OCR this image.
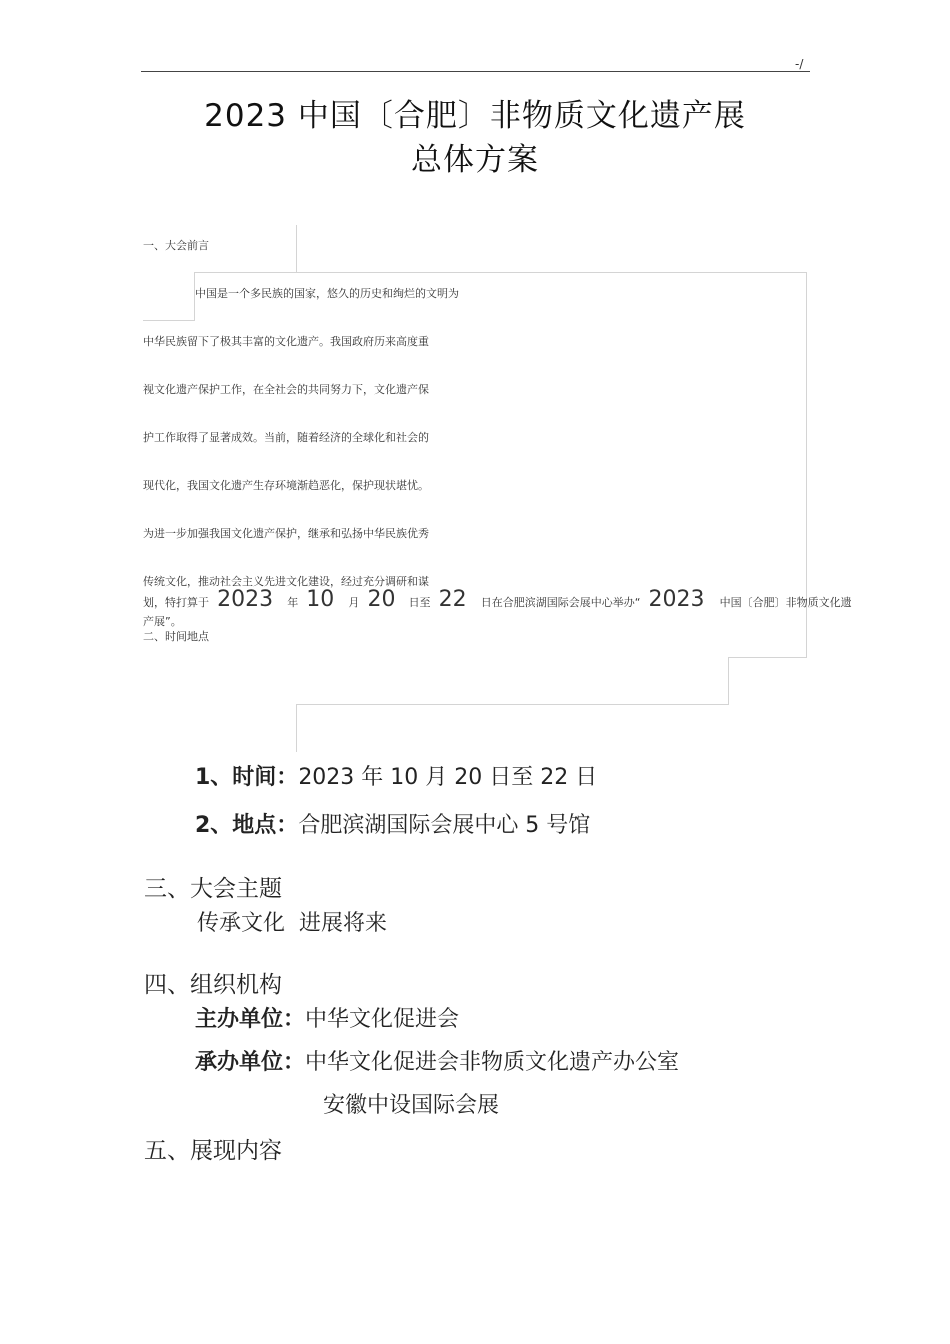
-/
2023 中国〔合肥〕非物质文化遗产展
总体方案
一、大会前言
中国是一个多民族的国家，悠久的历史和绚烂的文明为
中华民族留下了极其丰富的文化遗产。我国政府历来高度重
视文化遗产保护工作，在全社会的共同努力下，文化遗产保
护工作取得了显著成效。当前，随着经济的全球化和社会的
现代化，我国文化遗产生存环境渐趋恶化，保护现状堪忧。
为进一步加强我国文化遗产保护，继承和弘扬中华民族优秀
传统文化，推动社会主义先进文化建设，经过充分调研和谋
划，特打算于 2023 年 10 月 20 日至 22 日在合肥滨湖国际会展中心举办“ 2023 中国〔合肥〕非物质文化遗
产展”。
二、时间地点
1、时间：2023 年 10 月 20 日至 22 日
2、地点：合肥滨湖国际会展中心 5 号馆
三、大会主题
传承文化  进展将来
四、组织机构
主办单位：中华文化促进会
承办单位：中华文化促进会非物质文化遗产办公室
安徽中设国际会展
五、展现内容
